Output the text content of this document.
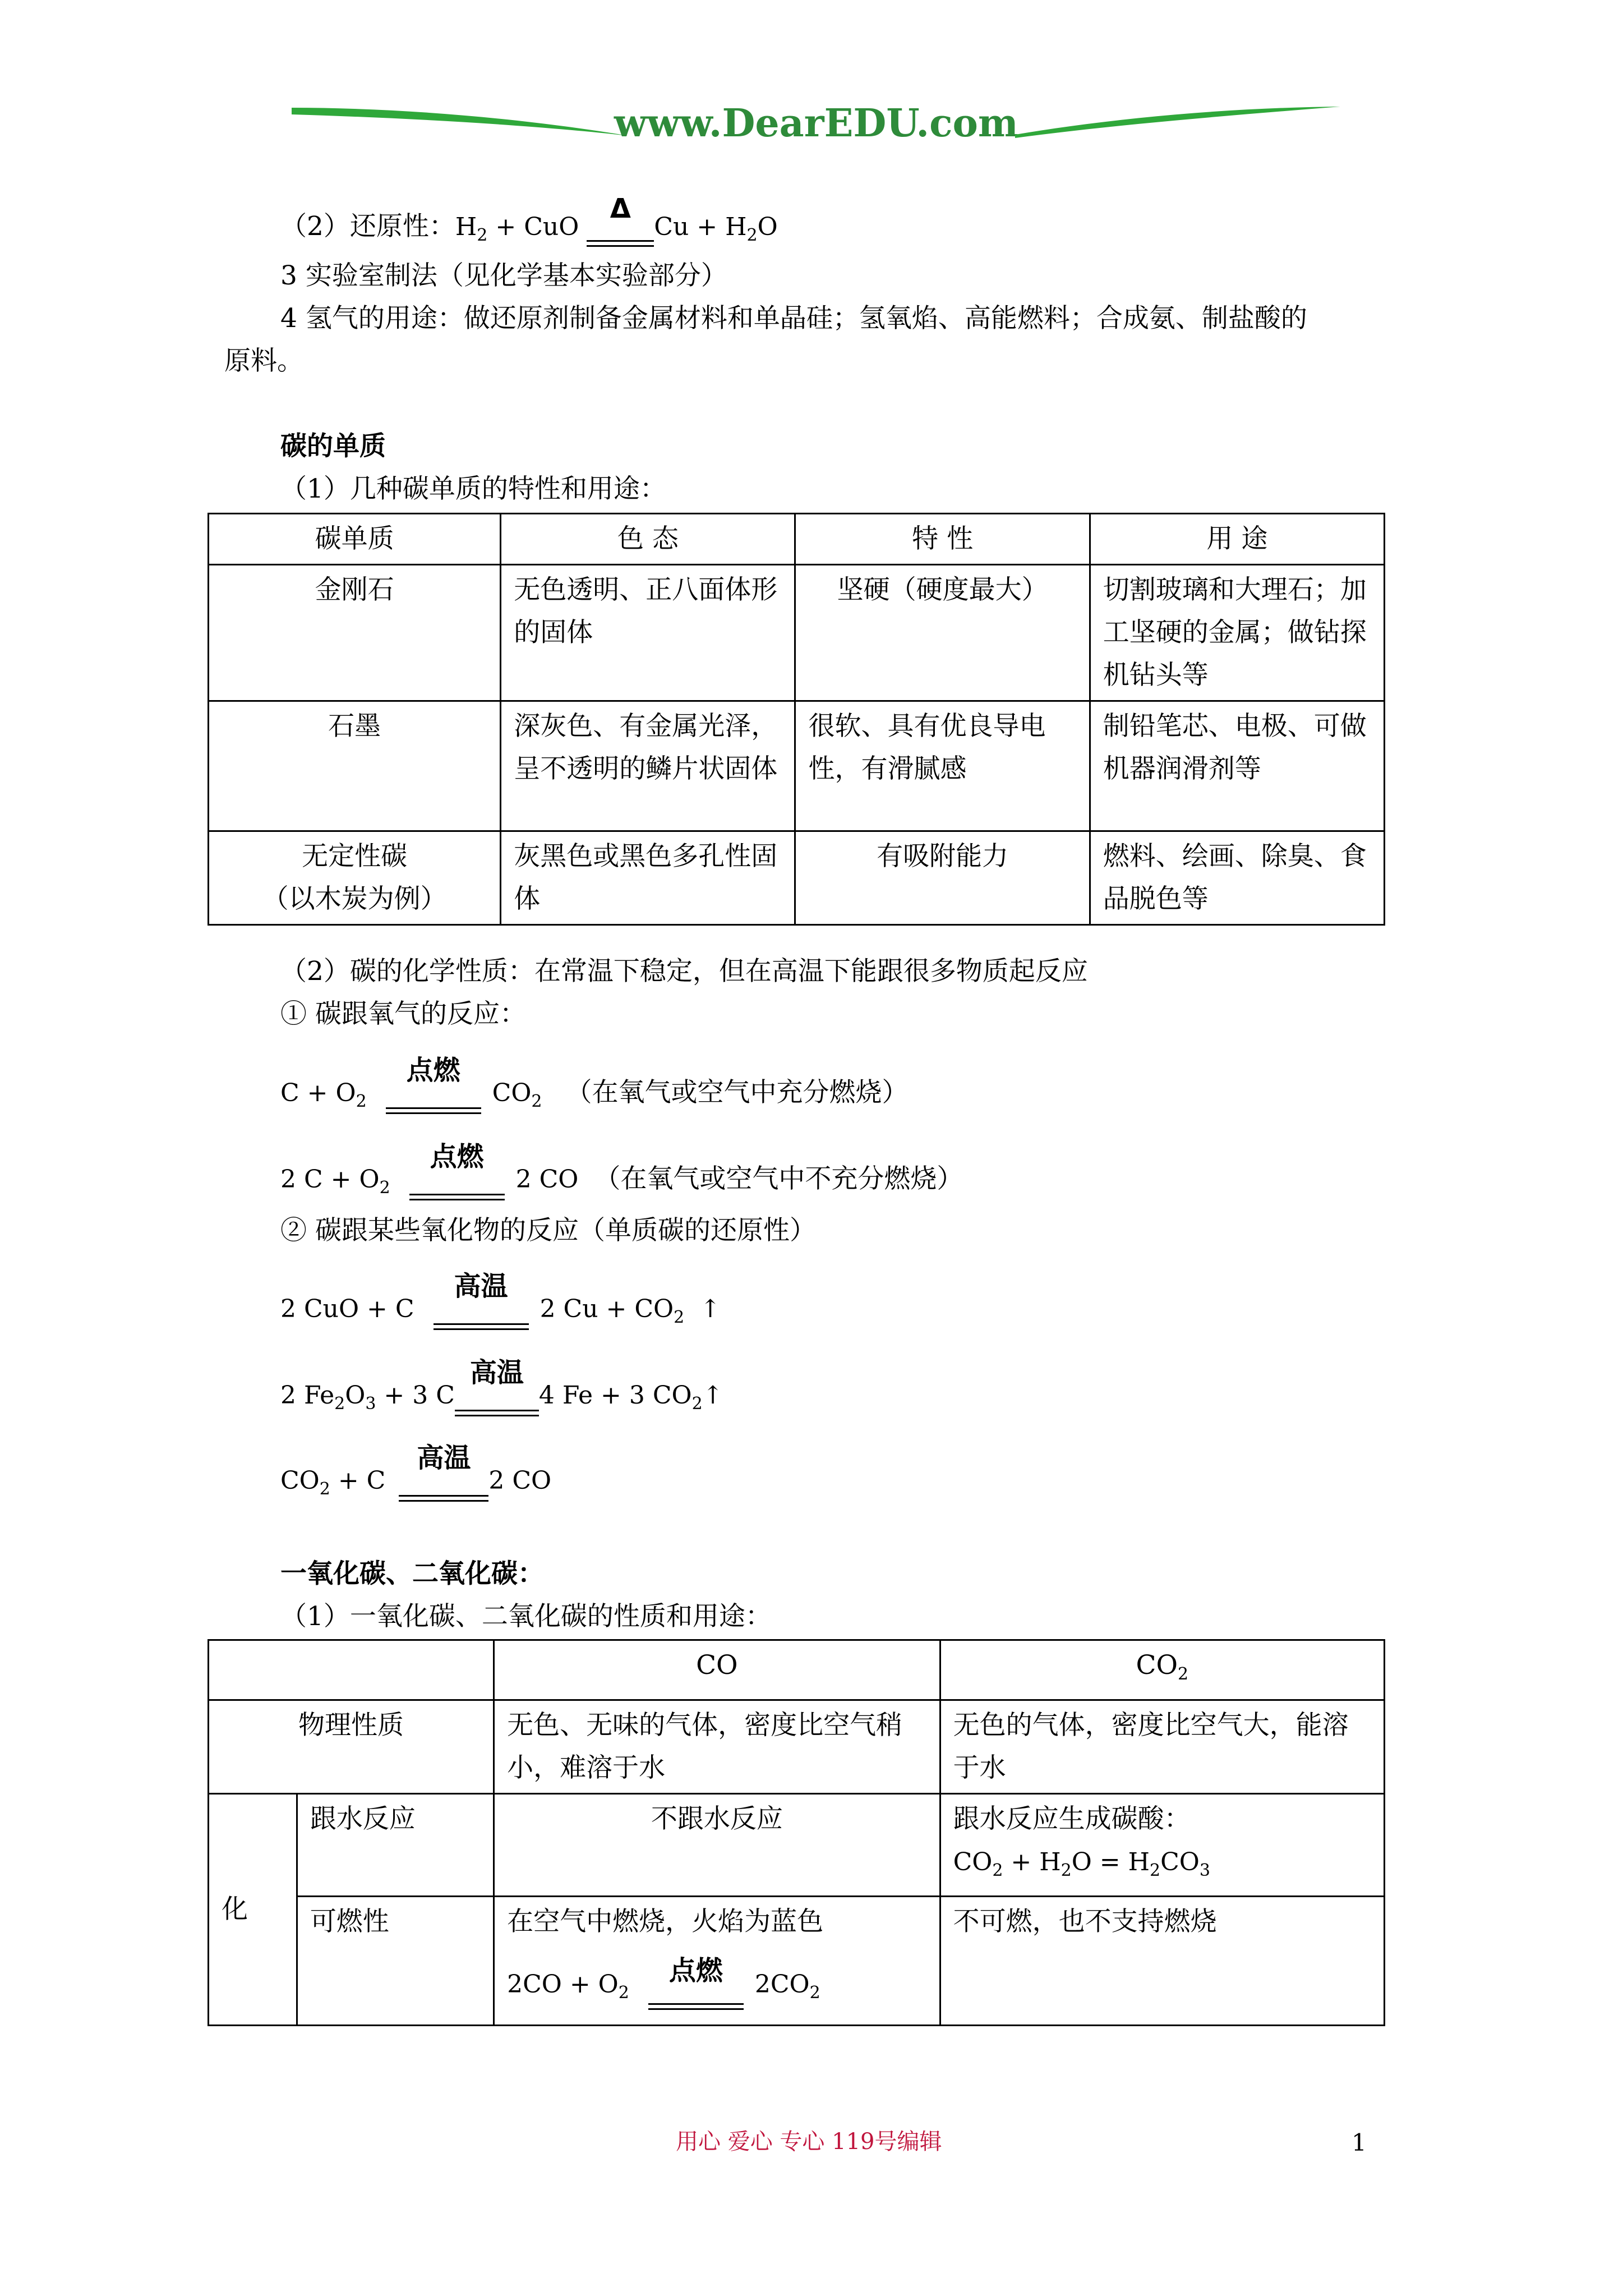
www.DearEDU.com
（2）还原性：$H_2$ + CuO
Δ
$Cu + H_2O$
3 实验室制法（见化学基本实验部分）
4 氢气的用途：做还原剂制备金属材料和单晶硅；氢氧焰、高能燃料；合成氨、制盐酸的
原料。
碳的单质
（1）几种碳单质的特性和用途：
碳单质	色 态	特 性	用 途
金刚石	无色透明、正八面体形的固体	坚硬（硬度最大）	切割玻璃和大理石；加工坚硬的金属；做钻探机钻头等
石墨	深灰色、有金属光泽，呈不透明的鳞片状固体	很软、具有优良导电性，有滑腻感	制铅笔芯、电极、可做机器润滑剂等
无定性碳
（以木炭为例）	灰黑色或黑色多孔性固体	有吸附能力	燃料、绘画、除臭、食品脱色等
（2）碳的化学性质：在常温下稳定，但在高温下能跟很多物质起反应
① 碳跟氧气的反应：
$C + O_2$
点燃
$CO_2$ （在氧气或空气中充分燃烧）
2 $C + O_2$
点燃
2 CO  （在氧气或空气中不充分燃烧）
② 碳跟某些氧化物的反应（单质碳的还原性）
2 CuO + C
高温
2 $Cu + CO_2$  ↑
2 $Fe_2O_3 + 3$ C
高温
4 Fe + 3 $CO_2↑$
$CO_2 + C$
高温
2 CO
一氧化碳、二氧化碳：
（1）一氧化碳、二氧化碳的性质和用途：
		CO	$CO_2$
物理性质		无色、无味的气体，密度比空气稍小，难溶于水	无色的气体，密度比空气大，能溶于水
化	跟水反应	不跟水反应	跟水反应生成碳酸：
$CO_2 + H_2O = H_2CO_3$
	可燃性	在空气中燃烧，火焰为蓝色
$2CO + O_2$
点燃 $2CO_2$	不可燃，也不支持燃烧
用心 爱心 专心 119号编辑	1
